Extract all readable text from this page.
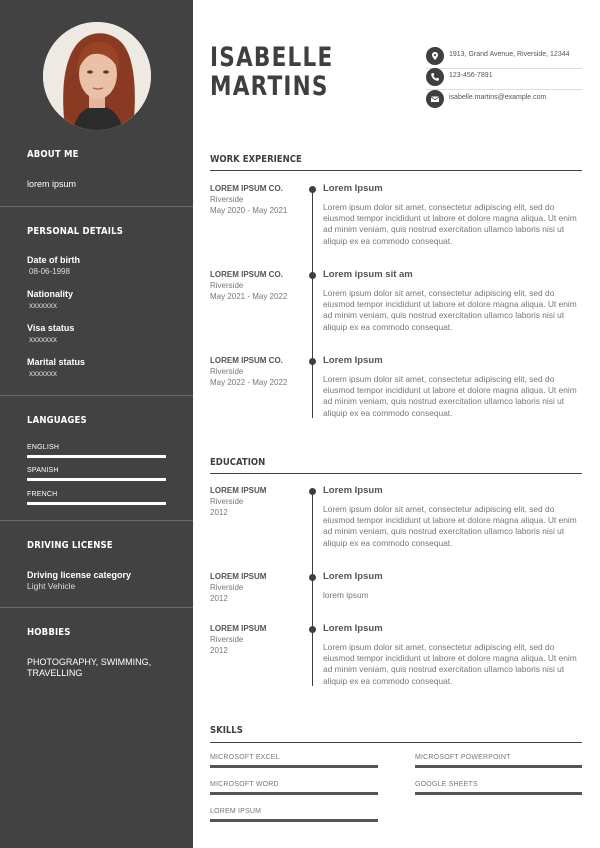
ABOUT ME
lorem ipsum
PERSONAL DETAILS
Date of birth
08-06-1998
Nationality
xxxxxxx
Visa status
xxxxxxx
Marital status
xxxxxxx
LANGUAGES
ENGLISH
SPANISH
FRENCH
DRIVING LICENSE
Driving license category
Light Vehicle
HOBBIES
PHOTOGRAPHY, SWIMMING,
TRAVELLING
ISABELLE
MARTINS
1913, Grand Avenue, Riverside, 12344
123-456-7891
isabelle.martins@example.com
WORK EXPERIENCE
LOREM IPSUM CO.
Riverside
May 2020 - May 2021
Lorem Ipsum
Lorem ipsum dolor sit amet, consectetur adipiscing elit, sed do eiusmod tempor incididunt ut labore et dolore magna aliqua. Ut enim ad minim veniam, quis nostrud exercitation ullamco laboris nisi ut aliquip ex ea commodo consequat.
LOREM IPSUM CO.
Riverside
May 2021 - May 2022
Lorem ipsum sit am
Lorem ipsum dolor sit amet, consectetur adipiscing elit, sed do eiusmod tempor incididunt ut labore et dolore magna aliqua. Ut enim ad minim veniam, quis nostrud exercitation ullamco laboris nisi ut aliquip ex ea commodo consequat.
LOREM IPSUM CO.
Riverside
May 2022 - May 2022
Lorem Ipsum
Lorem ipsum dolor sit amet, consectetur adipiscing elit, sed do eiusmod tempor incididunt ut labore et dolore magna aliqua. Ut enim ad minim veniam, quis nostrud exercitation ullamco laboris nisi ut aliquip ex ea commodo consequat.
EDUCATION
LOREM IPSUM
Riverside
2012
Lorem Ipsum
Lorem ipsum dolor sit amet, consectetur adipiscing elit, sed do eiusmod tempor incididunt ut labore et dolore magna aliqua. Ut enim ad minim veniam, quis nostrud exercitation ullamco laboris nisi ut aliquip ex ea commodo consequat.
LOREM IPSUM
Riverside
2012
Lorem Ipsum
lorem ipsum
LOREM IPSUM
Riverside
2012
Lorem Ipsum
Lorem ipsum dolor sit amet, consectetur adipiscing elit, sed do eiusmod tempor incididunt ut labore et dolore magna aliqua. Ut enim ad minim veniam, quis nostrud exercitation ullamco laboris nisi ut aliquip ex ea commodo consequat.
SKILLS
MICROSOFT EXCEL	MICROSOFT POWERPOINT
MICROSOFT WORD	GOOGLE SHEETS
LOREM IPSUM
